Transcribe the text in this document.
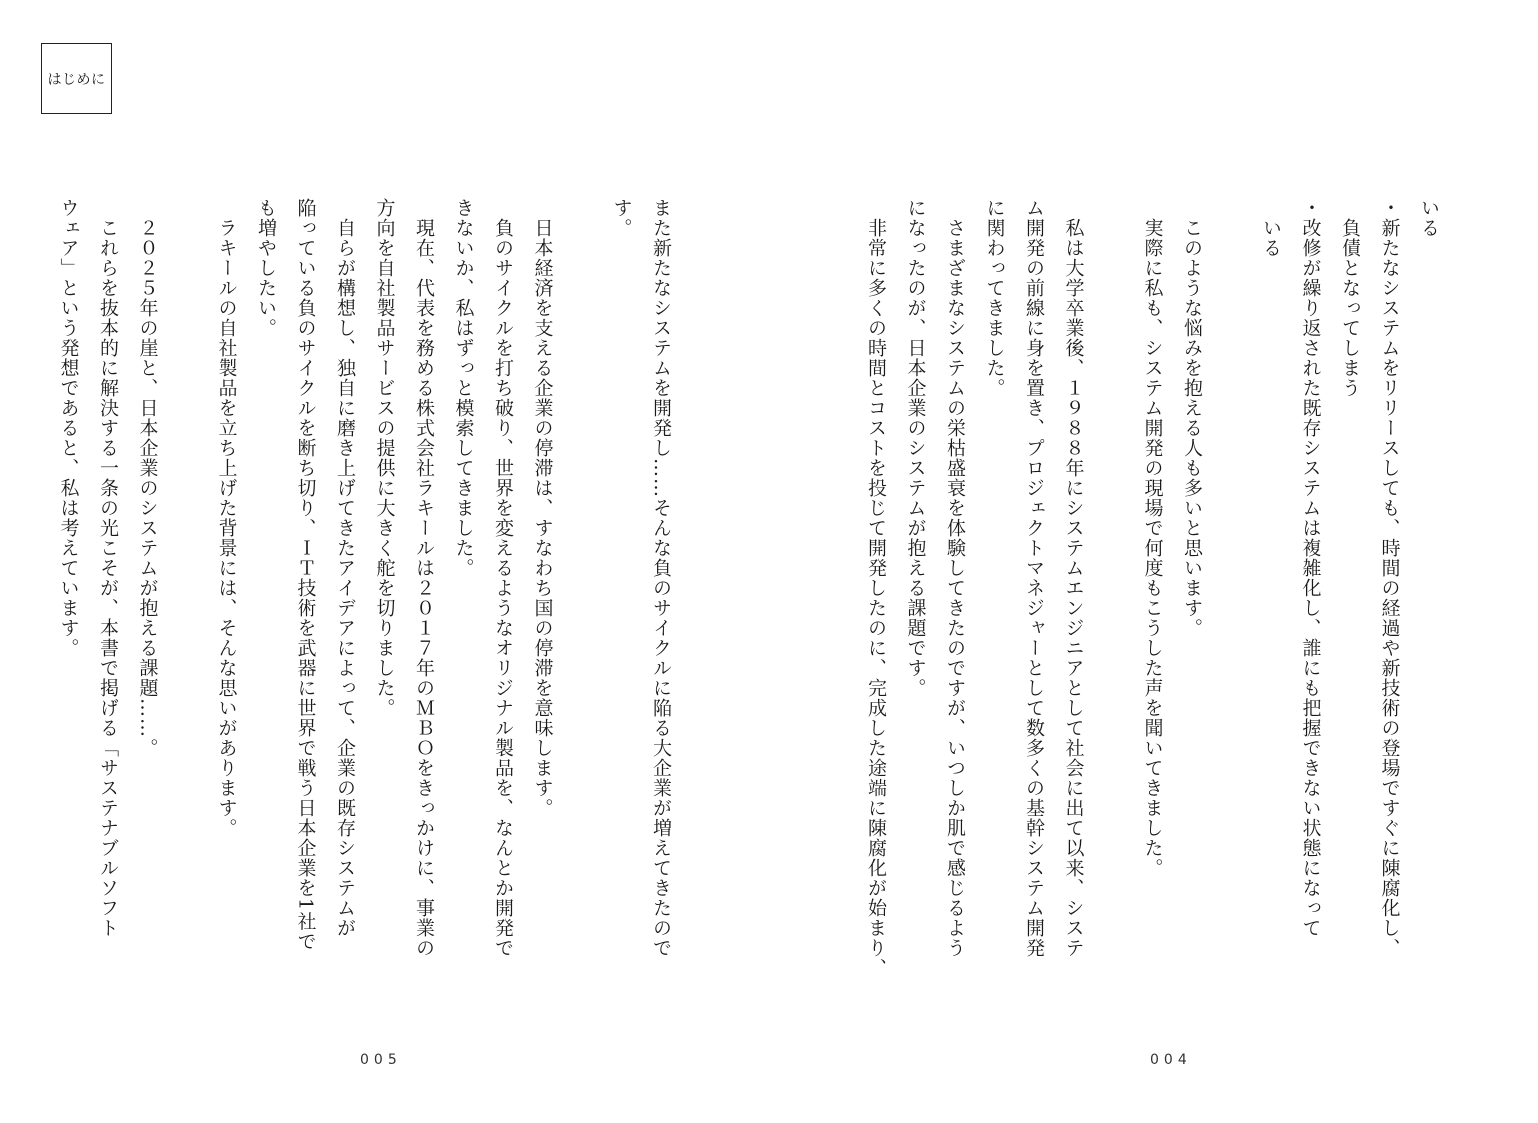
はじめに
いる
・新たなシステムをリリースしても、時間の経過や新技術の登場ですぐに陳腐化し、
　負債となってしまう
・改修が繰り返された既存システムは複雑化し、誰にも把握できない状態になって
　いる

　このような悩みを抱える人も多いと思います。
　実際に私も、システム開発の現場で何度もこうした声を聞いてきました。

　私は大学卒業後、１９８８年にシステムエンジニアとして社会に出て以来、システ
ム開発の前線に身を置き、プロジェクトマネジャーとして数多くの基幹システム開発
に関わってきました。
　さまざまなシステムの栄枯盛衰を体験してきたのですが、いつしか肌で感じるよう
になったのが、日本企業のシステムが抱える課題です。
　非常に多くの時間とコストを投じて開発したのに、完成した途端に陳腐化が始まり、
また新たなシステムを開発し……そんな負のサイクルに陥る大企業が増えてきたので
す。

　日本経済を支える企業の停滞は、すなわち国の停滞を意味します。
　負のサイクルを打ち破り、世界を変えるようなオリジナル製品を、なんとか開発で
きないか、私はずっと模索してきました。
　現在、代表を務める株式会社ラキールは２０１７年のＭＢＯをきっかけに、事業の
方向を自社製品サービスの提供に大きく舵を切りました。
　自らが構想し、独自に磨き上げてきたアイデアによって、企業の既存システムが
陥っている負のサイクルを断ち切り、ＩＴ技術を武器に世界で戦う日本企業を1社で
も増やしたい。
　ラキールの自社製品を立ち上げた背景には、そんな思いがあります。

　２０２５年の崖と、日本企業のシステムが抱える課題……。
　これらを抜本的に解決する一条の光こそが、本書で掲げる「サステナブルソフト
ウェア」という発想であると、私は考えています。
005	004
